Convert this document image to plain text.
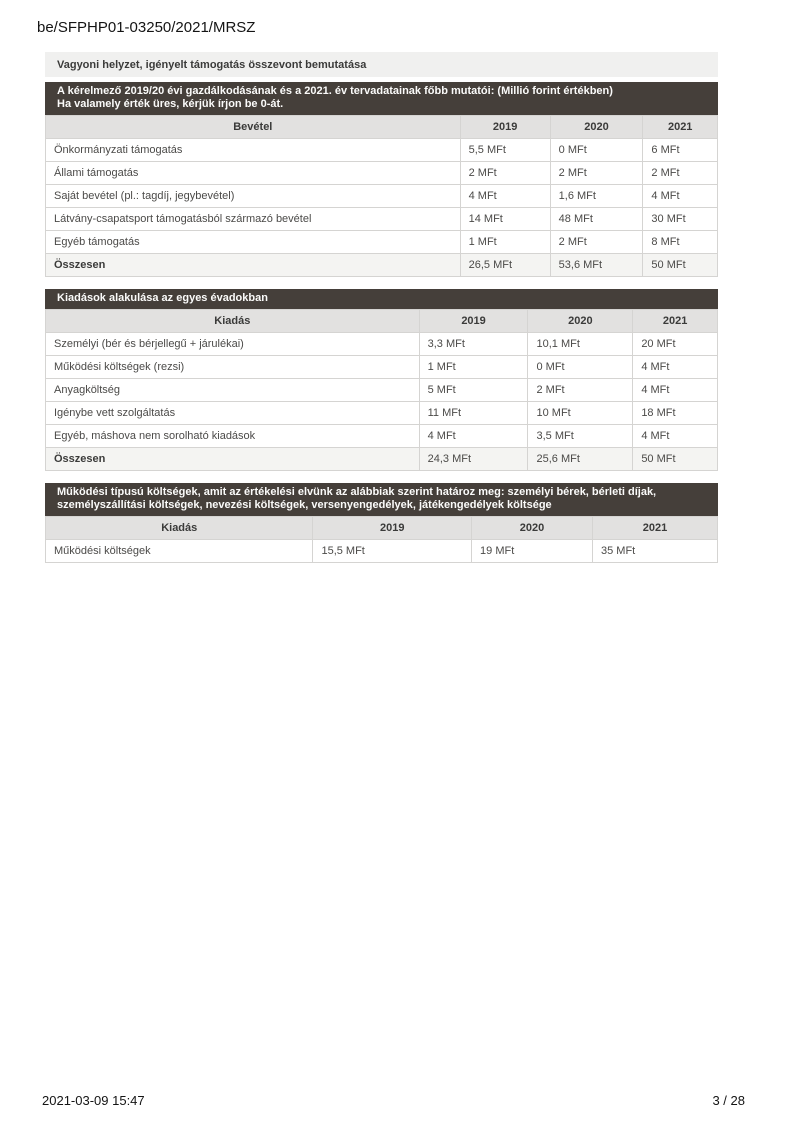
be/SFPHP01-03250/2021/MRSZ
Vagyoni helyzet, igényelt támogatás összevont bemutatása
A kérelmező 2019/20 évi gazdálkodásának és a 2021. év tervadatainak főbb mutatói: (Millió forint értékben)
Ha valamely érték üres, kérjük írjon be 0-át.
Bevétel	2019	2020	2021
Önkormányzati támogatás	5,5 MFt	0 MFt	6 MFt
Állami támogatás	2 MFt	2 MFt	2 MFt
Saját bevétel (pl.: tagdíj, jegybevétel)	4 MFt	1,6 MFt	4 MFt
Látvány-csapatsport támogatásból származó bevétel	14 MFt	48 MFt	30 MFt
Egyéb támogatás	1 MFt	2 MFt	8 MFt
Összesen	26,5 MFt	53,6 MFt	50 MFt
Kiadások alakulása az egyes évadokban
Kiadás	2019	2020	2021
Személyi (bér és bérjellegű + járulékai)	3,3 MFt	10,1 MFt	20 MFt
Működési költségek (rezsi)	1 MFt	0 MFt	4 MFt
Anyagköltség	5 MFt	2 MFt	4 MFt
Igénybe vett szolgáltatás	11 MFt	10 MFt	18 MFt
Egyéb, máshova nem sorolható kiadások	4 MFt	3,5 MFt	4 MFt
Összesen	24,3 MFt	25,6 MFt	50 MFt
Működési típusú költségek, amit az értékelési elvünk az alábbiak szerint határoz meg: személyi bérek, bérleti díjak, személyszállítási költségek, nevezési költségek, versenyengedélyek, játékengedélyek költsége
Kiadás	2019	2020	2021
Működési költségek	15,5 MFt	19 MFt	35 MFt
2021-03-09 15:47	3 / 28
